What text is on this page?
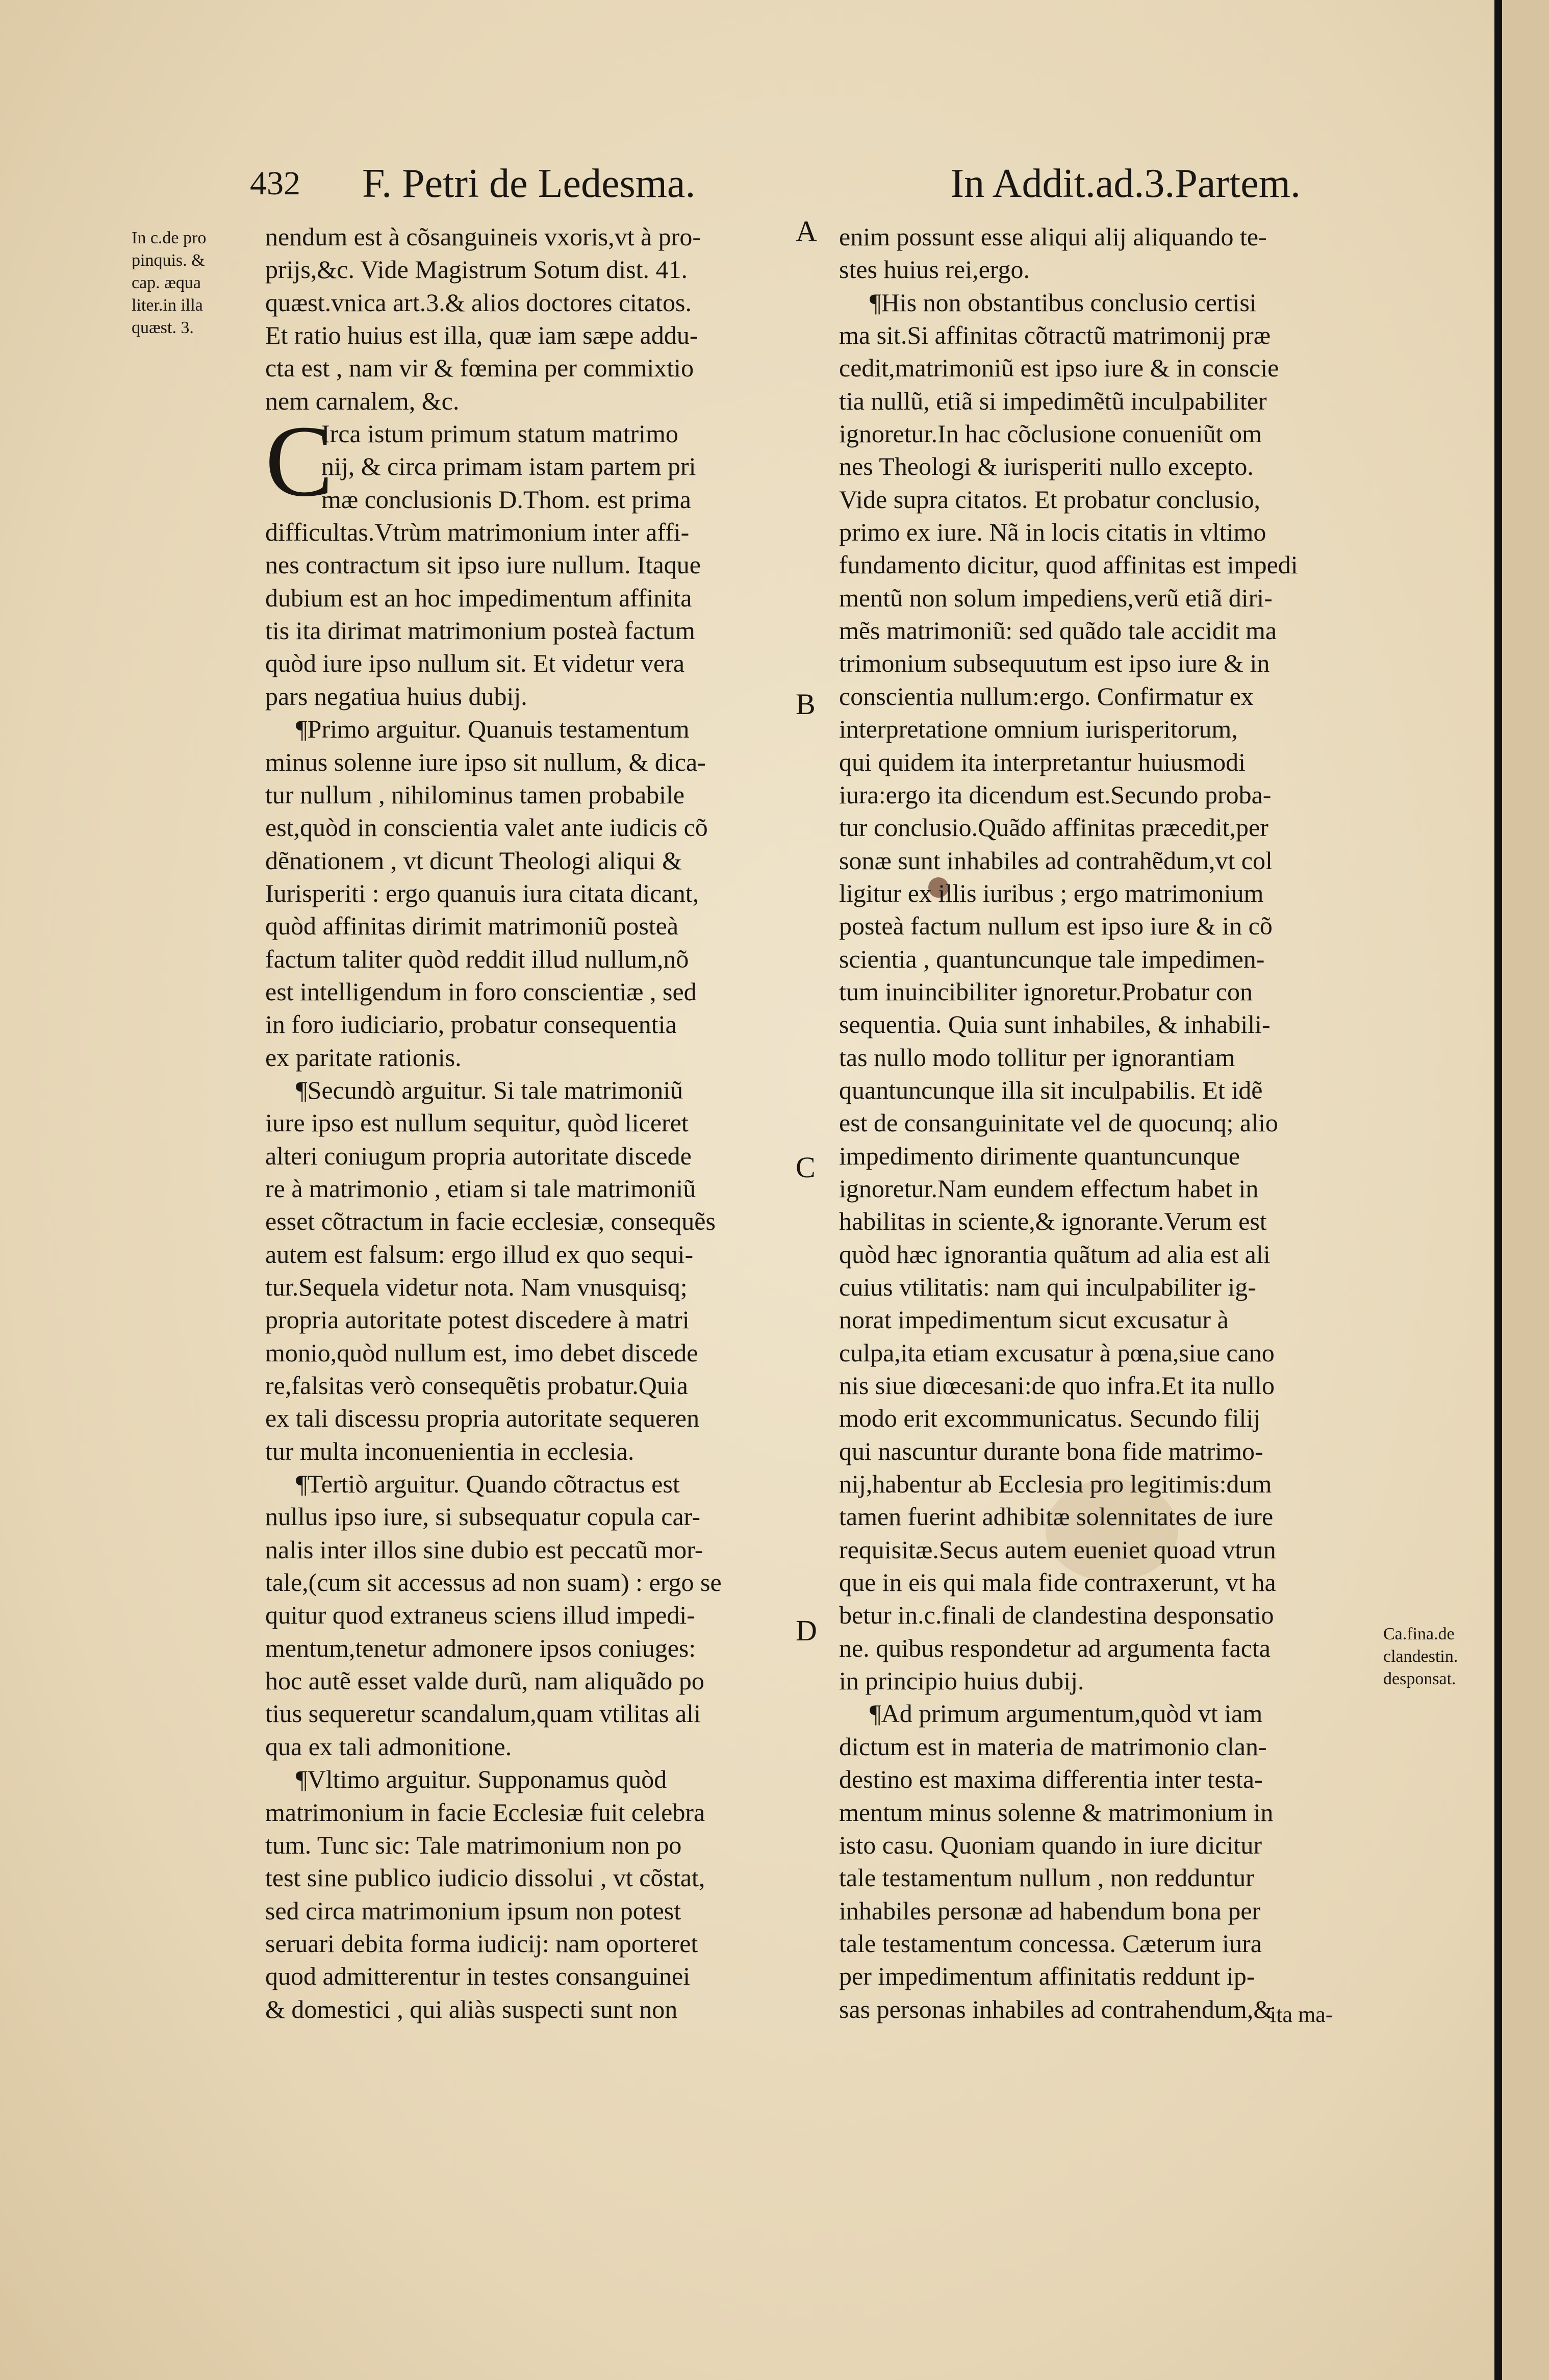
432 F. Petri de Ledesma.	In Addit.ad.3.Partem.
In c.de pro
pinquis. &
cap. æqua
liter.in illa
quæst. 3.
A
B
C
D

nendum est à cõsanguineis vxoris,vt à pro-

prijs,&c. Vide Magistrum Sotum dist. 41.

quæst.vnica art.3.& alios doctores citatos.

Et ratio huius est illa, quæ iam sæpe addu-

cta est , nam vir & fœmina per commixtio

nem carnalem, &c.

C

Irca istum primum statum matrimo

nij, & circa primam istam partem pri

mæ conclusionis D.Thom. est prima

difficultas.Vtrùm matrimonium inter affi-

nes contractum sit ipso iure nullum. Itaque

dubium est an hoc impedimentum affinita

tis ita dirimat matrimonium posteà factum

quòd iure ipso nullum sit. Et videtur vera

pars negatiua huius dubij.

¶Primo arguitur. Quanuis testamentum

minus solenne iure ipso sit nullum, & dica-

tur nullum , nihilominus tamen probabile

est,quòd in conscientia valet ante iudicis cõ

dẽnationem , vt dicunt Theologi aliqui &

Iurisperiti : ergo quanuis iura citata dicant,

quòd affinitas dirimit matrimoniũ posteà

factum taliter quòd reddit illud nullum,nõ

est intelligendum in foro conscientiæ , sed

in foro iudiciario, probatur consequentia

ex paritate rationis.

¶Secundò arguitur. Si tale matrimoniũ

iure ipso est nullum sequitur, quòd liceret

alteri coniugum propria autoritate discede

re à matrimonio , etiam si tale matrimoniũ

esset cõtractum in facie ecclesiæ, consequẽs

autem est falsum: ergo illud ex quo sequi-

tur.Sequela videtur nota. Nam vnusquisq;

propria autoritate potest discedere à matri

monio,quòd nullum est, imo debet discede

re,falsitas verò consequẽtis probatur.Quia

ex tali discessu propria autoritate sequeren

tur multa inconuenientia in ecclesia.

¶Tertiò arguitur. Quando cõtractus est

nullus ipso iure, si subsequatur copula car-

nalis inter illos sine dubio est peccatũ mor-

tale,(cum sit accessus ad non suam) : ergo se

quitur quod extraneus sciens illud impedi-

mentum,tenetur admonere ipsos coniuges:

hoc autẽ esset valde durũ, nam aliquãdo po

tius sequeretur scandalum,quam vtilitas ali

qua ex tali admonitione.

¶Vltimo arguitur. Supponamus quòd

matrimonium in facie Ecclesiæ fuit celebra

tum. Tunc sic: Tale matrimonium non po

test sine publico iudicio dissolui , vt cõstat,

sed circa matrimonium ipsum non potest

seruari debita forma iudicij: nam oporteret

quod admitterentur in testes consanguinei

& domestici , qui aliàs suspecti sunt non

enim possunt esse aliqui alij aliquando te-

stes huius rei,ergo.

¶His non obstantibus conclusio certisi

ma sit.Si affinitas cõtractũ matrimonij præ

cedit,matrimoniũ est ipso iure & in conscie

tia nullũ, etiã si impedimẽtũ inculpabiliter

ignoretur.In hac cõclusione conueniũt om

nes Theologi & iurisperiti nullo excepto.

Vide supra citatos. Et probatur conclusio,

primo ex iure. Nã in locis citatis in vltimo

fundamento dicitur, quod affinitas est impedi

mentũ non solum impediens,verũ etiã diri-

mẽs matrimoniũ: sed quãdo tale accidit ma

trimonium subsequutum est ipso iure & in

conscientia nullum:ergo. Confirmatur ex

interpretatione omnium iurisperitorum,

qui quidem ita interpretantur huiusmodi

iura:ergo ita dicendum est.Secundo proba-

tur conclusio.Quãdo affinitas præcedit,per

sonæ sunt inhabiles ad contrahẽdum,vt col

ligitur ex illis iuribus ; ergo matrimonium

posteà factum nullum est ipso iure & in cõ

scientia , quantuncunque tale impedimen-

tum inuincibiliter ignoretur.Probatur con

sequentia. Quia sunt inhabiles, & inhabili-

tas nullo modo tollitur per ignorantiam

quantuncunque illa sit inculpabilis. Et idẽ

est de consanguinitate vel de quocunq; alio

impedimento dirimente quantuncunque

ignoretur.Nam eundem effectum habet in

habilitas in sciente,& ignorante.Verum est

quòd hæc ignorantia quãtum ad alia est ali

cuius vtilitatis: nam qui inculpabiliter ig-

norat impedimentum sicut excusatur à

culpa,ita etiam excusatur à pœna,siue cano

nis siue diœcesani:de quo infra.Et ita nullo

modo erit excommunicatus. Secundo filij

qui nascuntur durante bona fide matrimo-

nij,habentur ab Ecclesia pro legitimis:dum

tamen fuerint adhibitæ solennitates de iure

requisitæ.Secus autem eueniet quoad vtrun

que in eis qui mala fide contraxerunt, vt ha

betur in.c.finali de clandestina desponsatio

ne. quibus respondetur ad argumenta facta

in principio huius dubij.

¶Ad primum argumentum,quòd vt iam

dictum est in materia de matrimonio clan-

destino est maxima differentia inter testa-

mentum minus solenne & matrimonium in

isto casu. Quoniam quando in iure dicitur

tale testamentum nullum , non redduntur

inhabiles personæ ad habendum bona per

tale testamentum concessa. Cæterum iura

per impedimentum affinitatis reddunt ip-

sas personas inhabiles ad contrahendum,&

Ca.fina.de
clandestin.
desponsat.
ita ma-
